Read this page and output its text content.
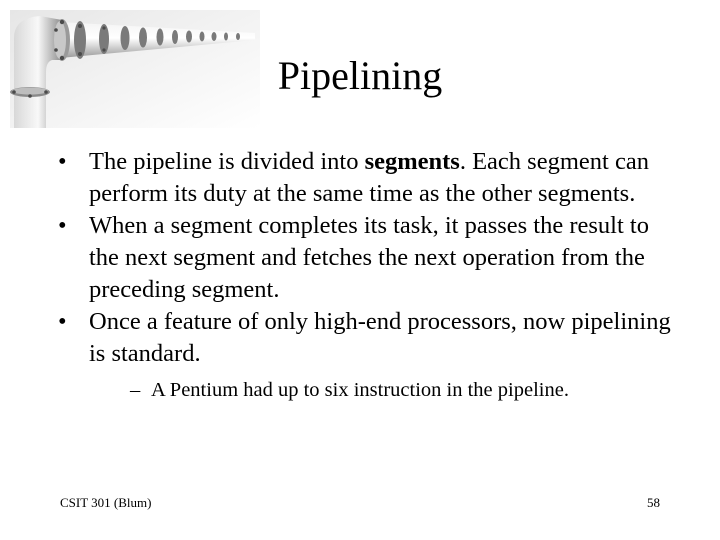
Pipelining
• The pipeline is divided into segments. Each segment can perform its duty at the same time as the other segments.
• When a segment completes its task, it passes the result to the next segment and fetches the next operation from the preceding segment.
• Once a feature of only high-end processors, now pipelining is standard.
– A Pentium had up to six instruction in the pipeline.
CSIT 301 (Blum)	58
